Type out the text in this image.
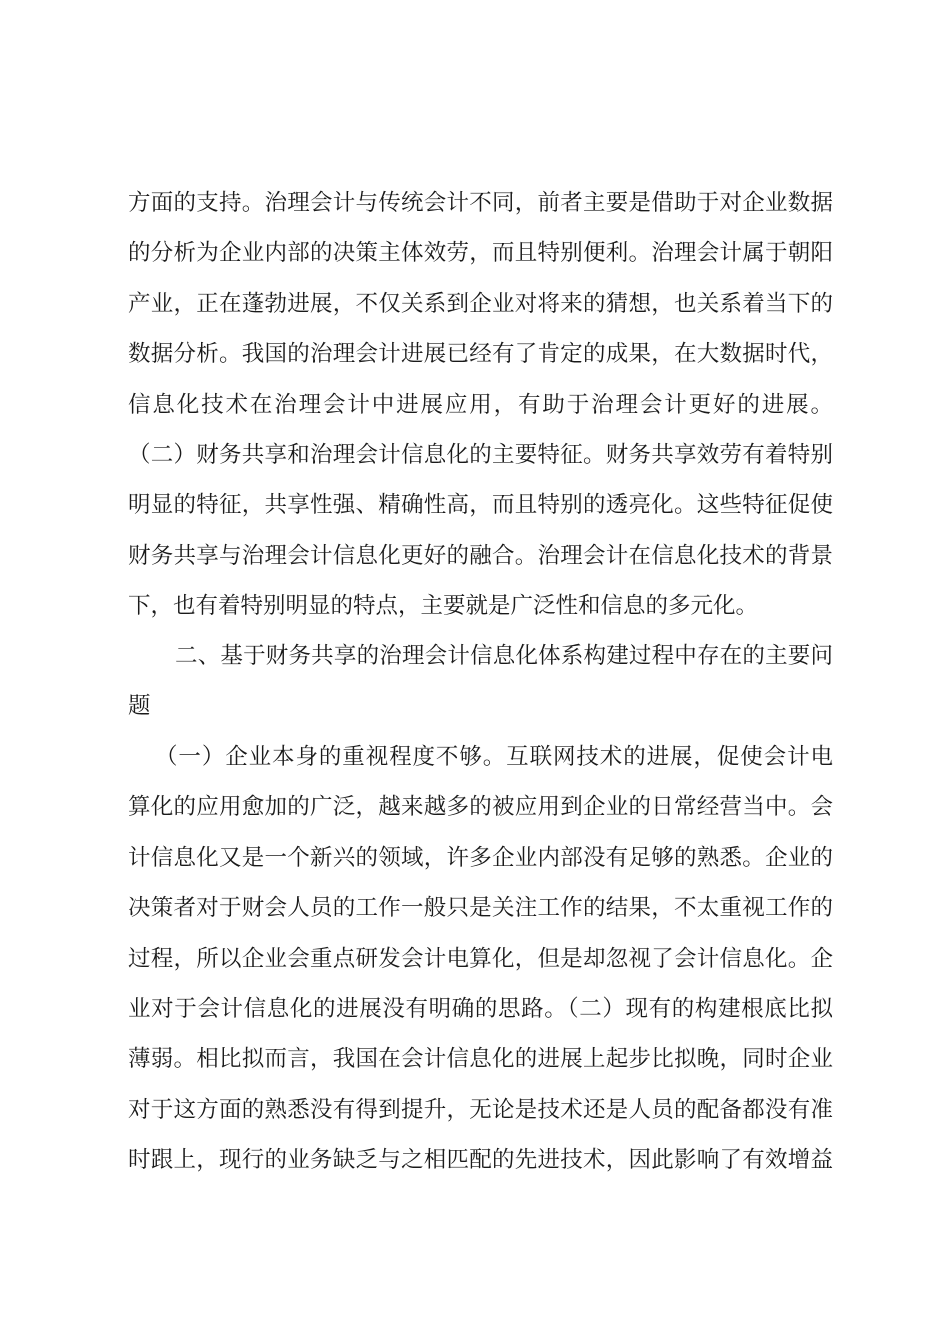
方面的支持。治理会计与传统会计不同，前者主要是借助于对企业数据
的分析为企业内部的决策主体效劳，而且特别便利。治理会计属于朝阳
产业，正在蓬勃进展，不仅关系到企业对将来的猜想，也关系着当下的
数据分析。我国的治理会计进展已经有了肯定的成果，在大数据时代，
信息化技术在治理会计中进展应用，有助于治理会计更好的进展。
（二）财务共享和治理会计信息化的主要特征。财务共享效劳有着特别
明显的特征，共享性强、精确性高，而且特别的透亮化。这些特征促使
财务共享与治理会计信息化更好的融合。治理会计在信息化技术的背景
下，也有着特别明显的特点，主要就是广泛性和信息的多元化。
二、基于财务共享的治理会计信息化体系构建过程中存在的主要问
题
（一）企业本身的重视程度不够。互联网技术的进展，促使会计电
算化的应用愈加的广泛，越来越多的被应用到企业的日常经营当中。会
计信息化又是一个新兴的领域，许多企业内部没有足够的熟悉。企业的
决策者对于财会人员的工作一般只是关注工作的结果，不太重视工作的
过程，所以企业会重点研发会计电算化，但是却忽视了会计信息化。企
业对于会计信息化的进展没有明确的思路。（二）现有的构建根底比拟
薄弱。相比拟而言，我国在会计信息化的进展上起步比拟晚，同时企业
对于这方面的熟悉没有得到提升，无论是技术还是人员的配备都没有准
时跟上，现行的业务缺乏与之相匹配的先进技术，因此影响了有效增益
